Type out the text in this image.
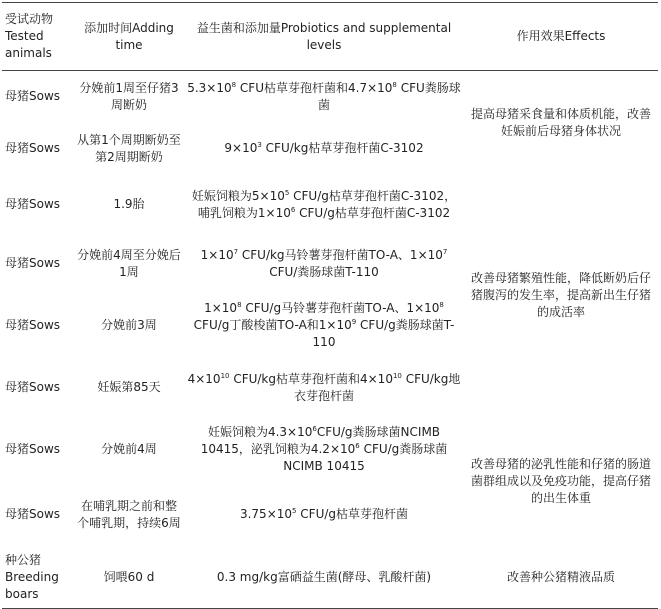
受试动物Tested animals	添加时间Adding time	益生菌和添加量Probiotics and supplemental levels	作用效果Effects
母猪Sows	分娩前1周至仔猪3周断奶	$5.3\times 10^8$ CFU枯草芽孢杆菌和$4.7\times 10^8$ CFU粪肠球菌	提高母猪采食量和体质机能，改善妊娠前后母猪身体状况
母猪Sows	从第1个周期断奶至第2周期断奶	$9\times 10^3$ CFU/kg枯草芽孢杆菌C-3102	
母猪Sows	1.9胎	妊娠饲粮为$5\times 10^5$ CFU/g枯草芽孢杆菌C-3102，哺乳饲粮为$1\times 10^6$ CFU/g枯草芽孢杆菌C-3102	改善母猪繁殖性能，降低断奶后仔猪腹泻的发生率，提高新出生仔猪的成活率
母猪Sows	分娩前4周至分娩后1周	$1\times 10^7$ CFU/kg马铃薯芽孢杆菌TO-A、$1\times 10^7$ CFU/粪肠球菌T-110	
母猪Sows	分娩前3周	$1\times 10^8$ CFU/g马铃薯芽孢杆菌TO-A、$1\times 10^8$ CFU/g丁酸梭菌TO-A和$1\times 10^9$ CFU/g粪肠球菌T-110	
母猪Sows	妊娠第85天	$4\times 10^{10}$ CFU/kg枯草芽孢杆菌和$4\times 10^{10}$ CFU/kg地衣芽孢杆菌	
母猪Sows	分娩前4周	妊娠饲粮为$4.3\times 10^6CFU/g$粪肠球菌NCIMB 10415，泌乳饲粮为$4.2\times 10^6$ CFU/g粪肠球菌NCIMB 10415	改善母猪的泌乳性能和仔猪的肠道菌群组成以及免疫功能，提高仔猪的出生体重
母猪Sows	在哺乳期之前和整个哺乳期，持续6周	$3.75\times 10^5$ CFU/g枯草芽孢杆菌	
种公猪Breeding boars	饲喂60 d	0.3 mg/kg富硒益生菌(酵母、乳酸杆菌)	改善种公猪精液品质
